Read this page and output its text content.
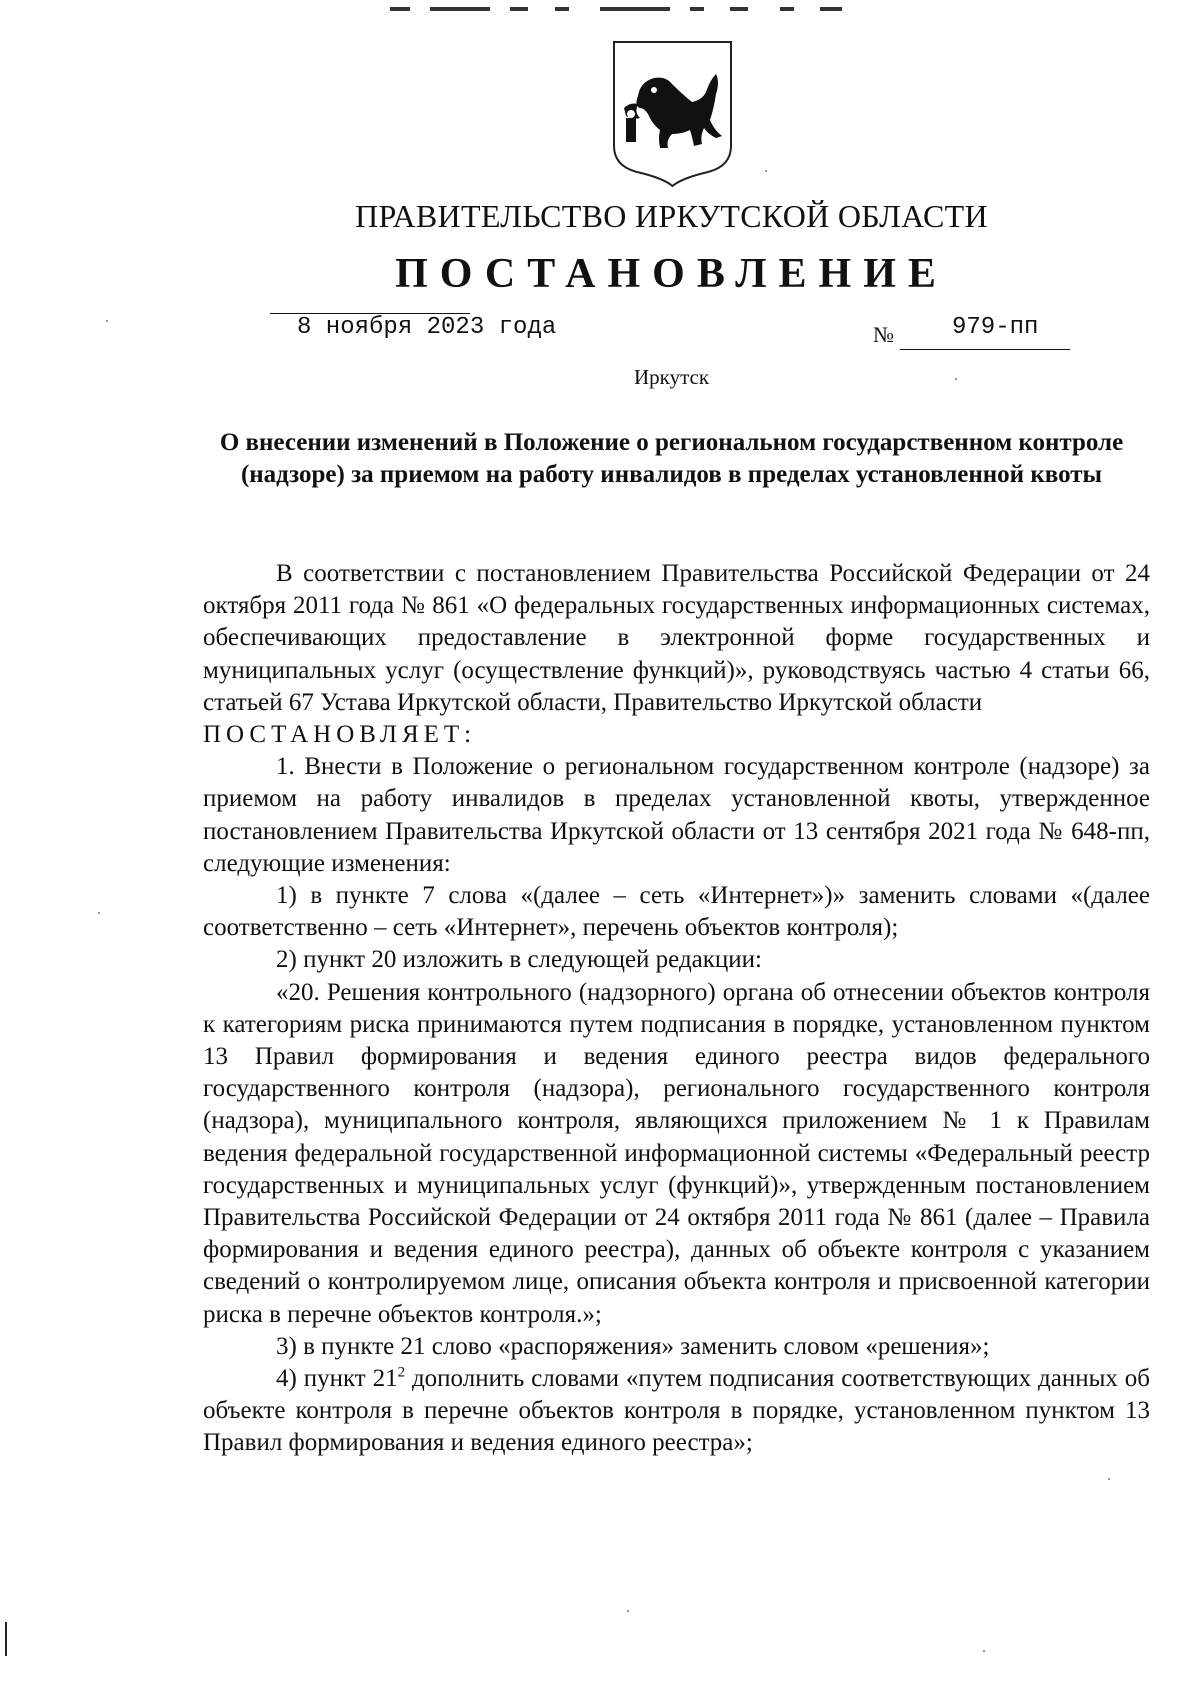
ПРАВИТЕЛЬСТВО ИРКУТСКОЙ ОБЛАСТИ
ПОСТАНОВЛЕНИЕ
8 ноября 2023 года	№ 979-пп
Иркутск
О внесении изменений в Положение о региональном государственном контроле (надзоре) за приемом на работу инвалидов в пределах установленной квоты

В соответствии с постановлением Правительства Российской Федерации от 24 октября 2011 года № 861 «О федеральных государственных информационных системах, обеспечивающих предоставление в электронной форме государственных и муниципальных услуг (осуществление функций)», руководствуясь частью 4 статьи 66, статьей 67 Устава Иркутской области, Правительство Иркутской области

ПОСТАНОВЛЯЕТ:

1. Внести в Положение о региональном государственном контроле (надзоре) за приемом на работу инвалидов в пределах установленной квоты, утвержденное постановлением Правительства Иркутской области от 13 сентября 2021 года № 648-пп, следующие изменения:

1) в пункте 7 слова «(далее – сеть «Интернет»)» заменить словами «(далее соответственно – сеть «Интернет», перечень объектов контроля);

2) пункт 20 изложить в следующей редакции:

«20. Решения контрольного (надзорного) органа об отнесении объектов контроля к категориям риска принимаются путем подписания в порядке, установленном пунктом 13 Правил формирования и ведения единого реестра видов федерального государственного контроля (надзора), регионального государственного контроля (надзора), муниципального контроля, являющихся приложением № 1 к Правилам ведения федеральной государственной информационной системы «Федеральный реестр государственных и муниципальных услуг (функций)», утвержденным постановлением Правительства Российской Федерации от 24 октября 2011 года № 861 (далее – Правила формирования и ведения единого реестра), данных об объекте контроля с указанием сведений о контролируемом лице, описания объекта контроля и присвоенной категории риска в перечне объектов контроля.»;

3) в пункте 21 слово «распоряжения» заменить словом «решения»;

4) пункт $21^2$ дополнить словами «путем подписания соответствующих данных об объекте контроля в перечне объектов контроля в порядке, установленном пунктом 13 Правил формирования и ведения единого реестра»;
